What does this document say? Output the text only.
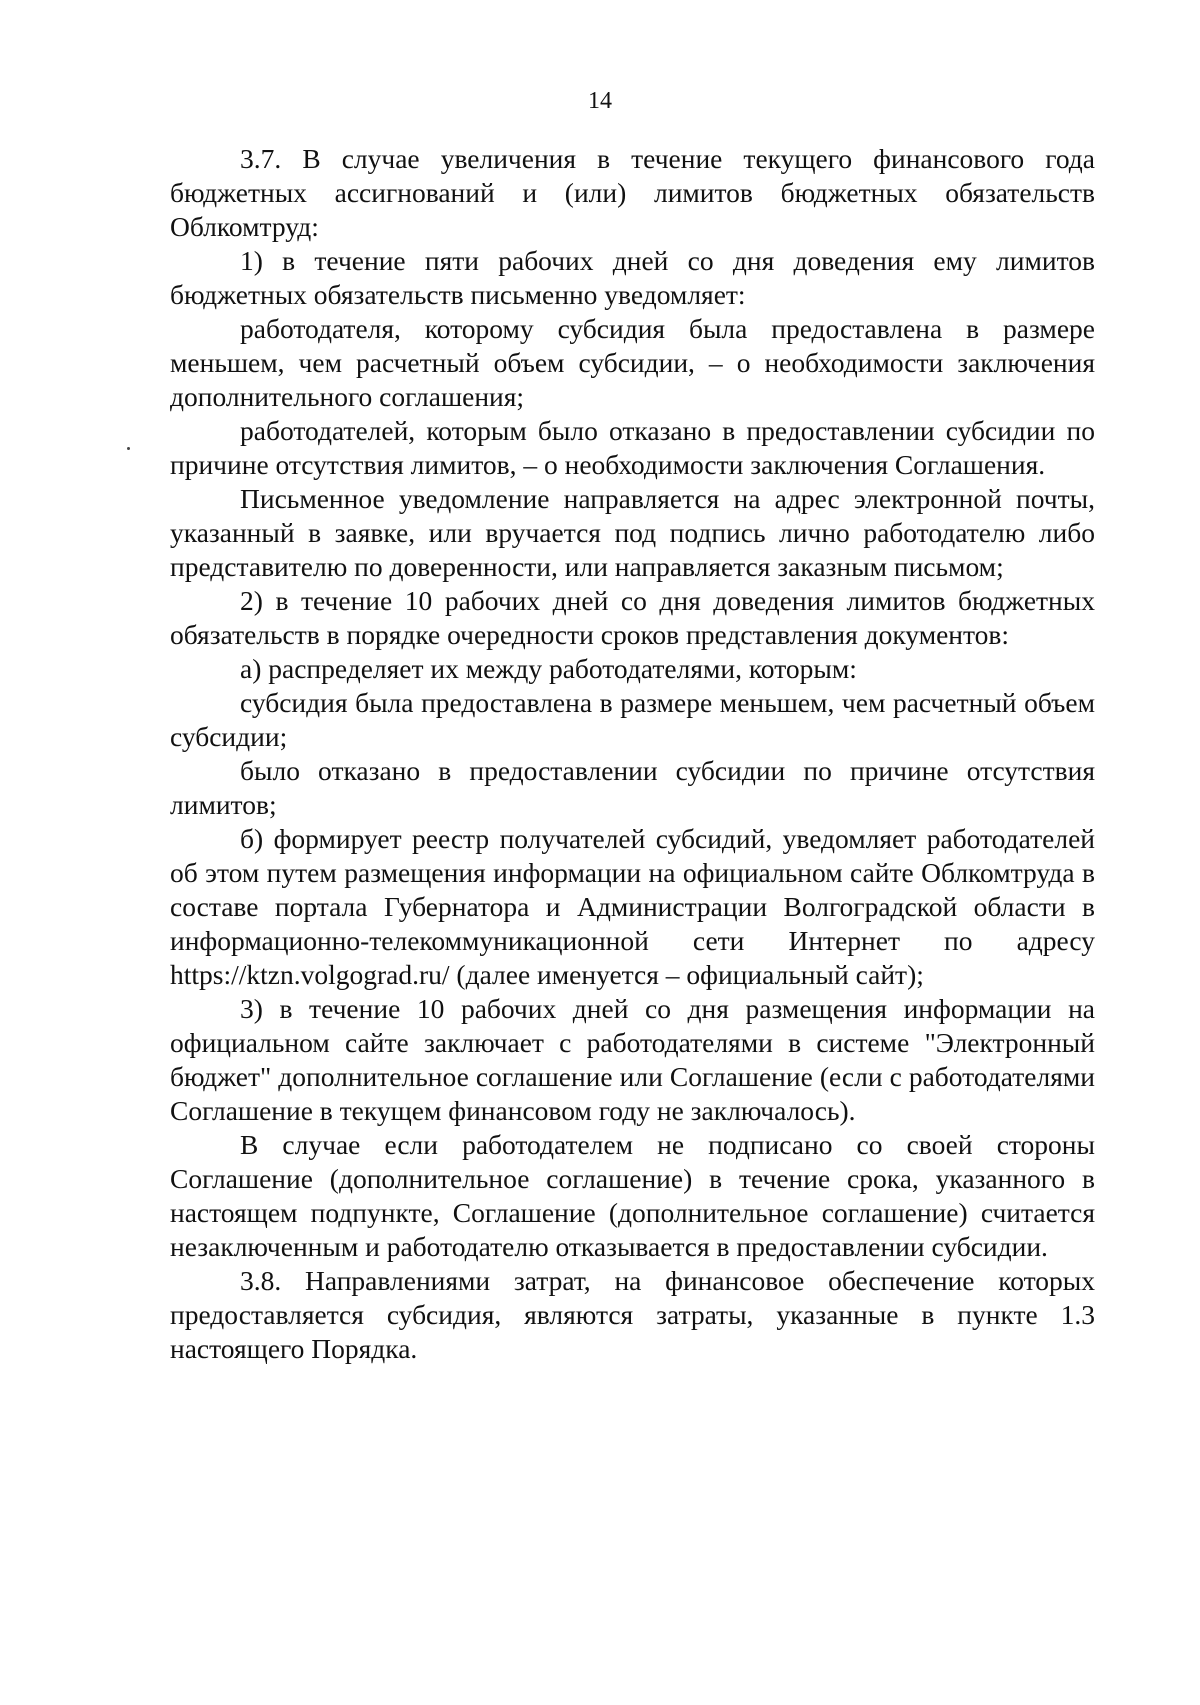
14

3.7. В случае увеличения в течение текущего финансового года бюджетных ассигнований и (или) лимитов бюджетных обязательств Облкомтруд:

1) в течение пяти рабочих дней со дня доведения ему лимитов бюджетных обязательств письменно уведомляет:

работодателя, которому субсидия была предоставлена в размере меньшем, чем расчетный объем субсидии, – о необходимости заключения дополнительного соглашения;

работодателей, которым было отказано в предоставлении субсидии по причине отсутствия лимитов, – о необходимости заключения Соглашения.

Письменное уведомление направляется на адрес электронной почты, указанный в заявке, или вручается под подпись лично работодателю либо представителю по доверенности, или направляется заказным письмом;

2) в течение 10 рабочих дней со дня доведения лимитов бюджетных обязательств в порядке очередности сроков представления документов:

а) распределяет их между работодателями, которым:

субсидия была предоставлена в размере меньшем, чем расчетный объем субсидии;

было отказано в предоставлении субсидии по причине отсутствия лимитов;

б) формирует реестр получателей субсидий, уведомляет работодателей об этом путем размещения информации на официальном сайте Облкомтруда в составе портала Губернатора и Администрации Волгоградской области в информационно-телекоммуникационной сети Интернет по адресу https://ktzn.volgograd.ru/ (далее именуется – официальный сайт);

3) в течение 10 рабочих дней со дня размещения информации на официальном сайте заключает с работодателями в системе "Электронный бюджет" дополнительное соглашение или Соглашение (если с работодателями Соглашение в текущем финансовом году не заключалось).

В случае если работодателем не подписано со своей стороны Соглашение (дополнительное соглашение) в течение срока, указанного в настоящем подпункте, Соглашение (дополнительное соглашение) считается незаключенным и работодателю отказывается в предоставлении субсидии.

3.8. Направлениями затрат, на финансовое обеспечение которых предоставляется субсидия, являются затраты, указанные в пункте 1.3 настоящего Порядка.
